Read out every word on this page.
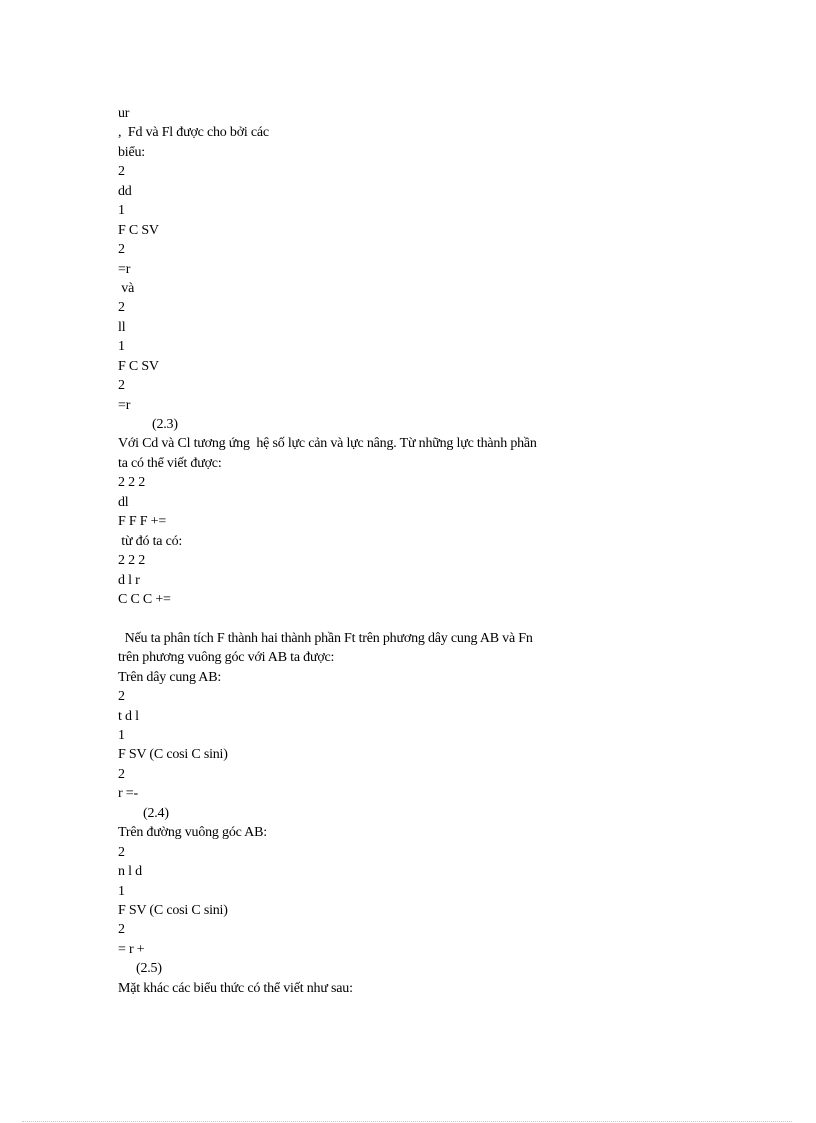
ur
,  Fd và Fl được cho bởi các
biểu:
2
dd
1
F C SV
2
=r
và
2
ll
1
F C SV
2
=r
(2.3)
Với Cd và Cl tương ứng  hệ số lực cản và lực nâng. Từ những lực thành phần
ta có thể viết được:
2 2 2
dl
F F F +=
từ đó ta có:
2 2 2
d l r
C C C +=
Nếu ta phân tích F thành hai thành phần Ft trên phương dây cung AB và Fn
trên phương vuông góc với AB ta được:
Trên dây cung AB:
2
t d l
1
F SV (C cosi C sini)
2
r =-
(2.4)
Trên đường vuông góc AB:
2
n l d
1
F SV (C cosi C sini)
2
= r +
(2.5)
Mặt khác các biểu thức có thể viết như sau:
